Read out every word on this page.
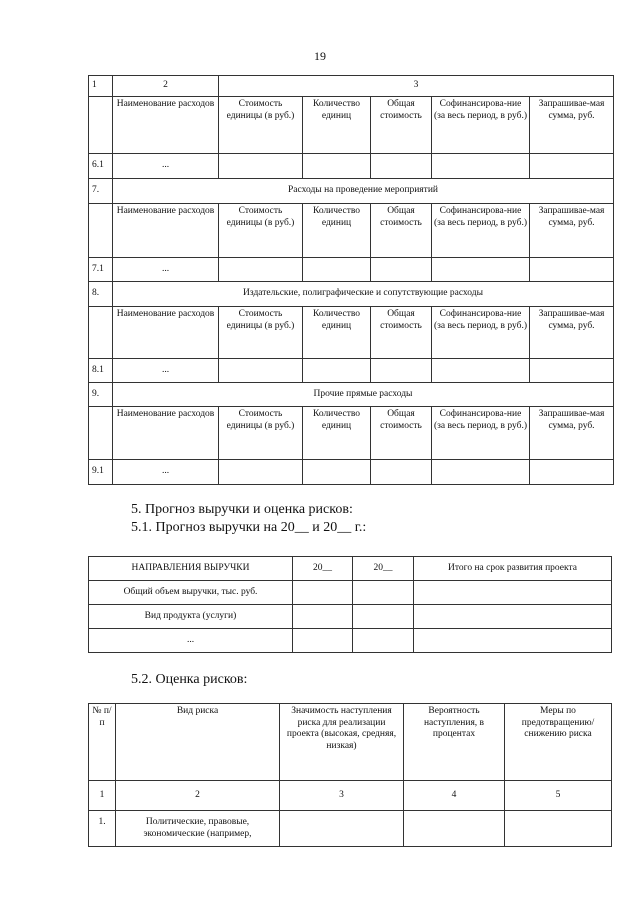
19
1	2	3				
	Наименование расходов	Стоимость единицы (в руб.)	Количество единиц	Общая стоимость	Софинансирова-ние (за весь период, в руб.)	Запрашивае-мая сумма, руб.
6.1	...					
7.	Расходы на проведение мероприятий					
	Наименование расходов	Стоимость единицы (в руб.)	Количество единиц	Общая стоимость	Софинансирова-ние (за весь период, в руб.)	Запрашивае-мая сумма, руб.
7.1	...					
8.	Издательские, полиграфические и сопутствующие расходы					
	Наименование расходов	Стоимость единицы (в руб.)	Количество единиц	Общая стоимость	Софинансирова-ние (за весь период, в руб.)	Запрашивае-мая сумма, руб.
8.1	...					
9.	Прочие прямые расходы					
	Наименование расходов	Стоимость единицы (в руб.)	Количество единиц	Общая стоимость	Софинансирова-ние (за весь период, в руб.)	Запрашивае-мая сумма, руб.
9.1	...					
5. Прогноз выручки и оценка рисков:
5.1. Прогноз выручки на 20__ и 20__ г.:
НАПРАВЛЕНИЯ ВЫРУЧКИ	20__	20__	Итого на срок развития проекта
Общий объем выручки, тыс. руб.			
Вид продукта (услуги)			
...			
5.2. Оценка рисков:
№ п/п	Вид риска	Значимость наступления риска для реализации проекта (высокая, средняя, низкая)	Вероятность наступления, в процентах	Меры по предотвращению/ снижению риска
1	2	3	4	5
1.	Политические, правовые, экономические (например,			
